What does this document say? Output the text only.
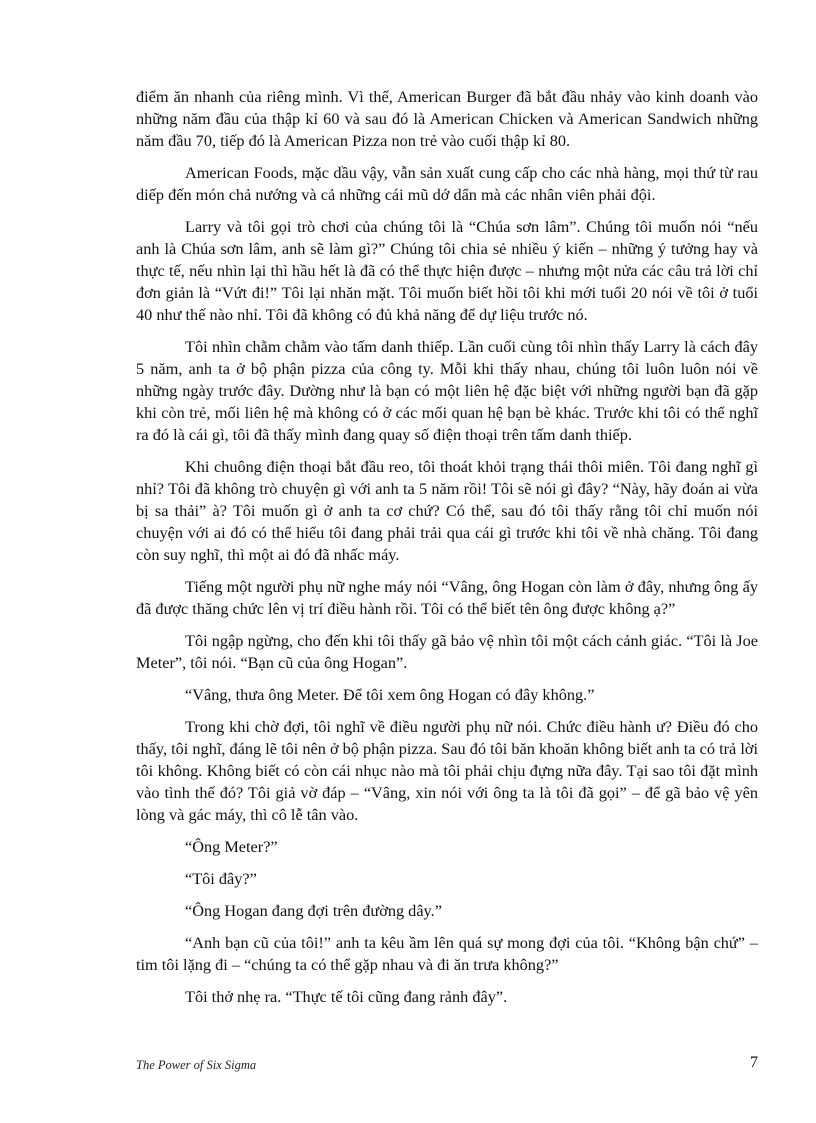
điểm ăn nhanh của riêng mình. Vì thế, American Burger đã bắt đầu nhảy vào kinh doanh vào những năm đầu của thập kỉ 60 và sau đó là American Chicken và American Sandwich những năm đầu 70, tiếp đó là American Pizza non trẻ vào cuối thập kỉ 80.

American Foods, mặc dầu vậy, vẫn sản xuất cung cấp cho các nhà hàng, mọi thứ từ rau diếp đến món chả nướng và cả những cái mũ dớ dẩn mà các nhân viên phải đội.

Larry và tôi gọi trò chơi của chúng tôi là “Chúa sơn lâm”. Chúng tôi muốn nói “nếu anh là Chúa sơn lâm, anh sẽ làm gì?” Chúng tôi chia sẻ nhiều ý kiến – những ý tưởng hay và thực tế, nếu nhìn lại thì hầu hết là đã có thể thực hiện được – nhưng một nửa các câu trả lời chỉ đơn giản là “Vứt đi!” Tôi lại nhăn mặt. Tôi muốn biết hồi tôi khi mới tuổi 20 nói về tôi ở tuổi 40 như thế nào nhỉ. Tôi đã không có đủ khả năng để dự liệu trước nó.

Tôi nhìn chằm chằm vào tấm danh thiếp. Lần cuối cùng tôi nhìn thấy Larry là cách đây 5 năm, anh ta ở bộ phận pizza của công ty. Mỗi khi thấy nhau, chúng tôi luôn luôn nói về những ngày trước đây. Dường như là bạn có một liên hệ đặc biệt với những người bạn đã gặp khi còn trẻ, mối liên hệ mà không có ở các mối quan hệ bạn bè khác. Trước khi tôi có thể nghĩ ra đó là cái gì, tôi đã thấy mình đang quay số điện thoại trên tấm danh thiếp.

Khi chuông điện thoại bắt đầu reo, tôi thoát khỏi trạng thái thôi miên. Tôi đang nghĩ gì nhỉ? Tôi đã không trò chuyện gì với anh ta 5 năm rồi! Tôi sẽ nói gì đây? “Này, hãy đoán ai vừa bị sa thải” à? Tôi muốn gì ở anh ta cơ chứ? Có thể, sau đó tôi thấy rằng tôi chỉ muốn nói chuyện với ai đó có thể hiểu tôi đang phải trải qua cái gì trước khi tôi về nhà chăng. Tôi đang còn suy nghĩ, thì một ai đó đã nhấc máy.

Tiếng một người phụ nữ nghe máy nói “Vâng, ông Hogan còn làm ở đây, nhưng ông ấy đã được thăng chức lên vị trí điều hành rồi. Tôi có thể biết tên ông được không ạ?”

Tôi ngập ngừng, cho đến khi tôi thấy gã bảo vệ nhìn tôi một cách cảnh giác. “Tôi là Joe Meter”, tôi nói. “Bạn cũ của ông Hogan”.

“Vâng, thưa ông Meter. Để tôi xem ông Hogan có đây không.”

Trong khi chờ đợi, tôi nghĩ về điều người phụ nữ nói. Chức điều hành ư? Điều đó cho thấy, tôi nghĩ, đáng lẽ tôi nên ở bộ phận pizza. Sau đó tôi băn khoăn không biết anh ta có trả lời tôi không. Không biết có còn cái nhục nào mà tôi phải chịu đựng nữa đây. Tại sao tôi đặt mình vào tình thế đó? Tôi giả vờ đáp – “Vâng, xin nói với ông ta là tôi đã gọi” – để gã bảo vệ yên lòng và gác máy, thì cô lễ tân vào.

“Ông Meter?”

“Tôi đây?”

“Ông Hogan đang đợi trên đường dây.”

“Anh bạn cũ của tôi!” anh ta kêu ầm lên quá sự mong đợi của tôi. “Không bận chứ” – tim tôi lặng đi – “chúng ta có thể gặp nhau và đi ăn trưa không?”

Tôi thở nhẹ ra. “Thực tế tôi cũng đang rảnh đây”.

The Power of Six Sigma	7
